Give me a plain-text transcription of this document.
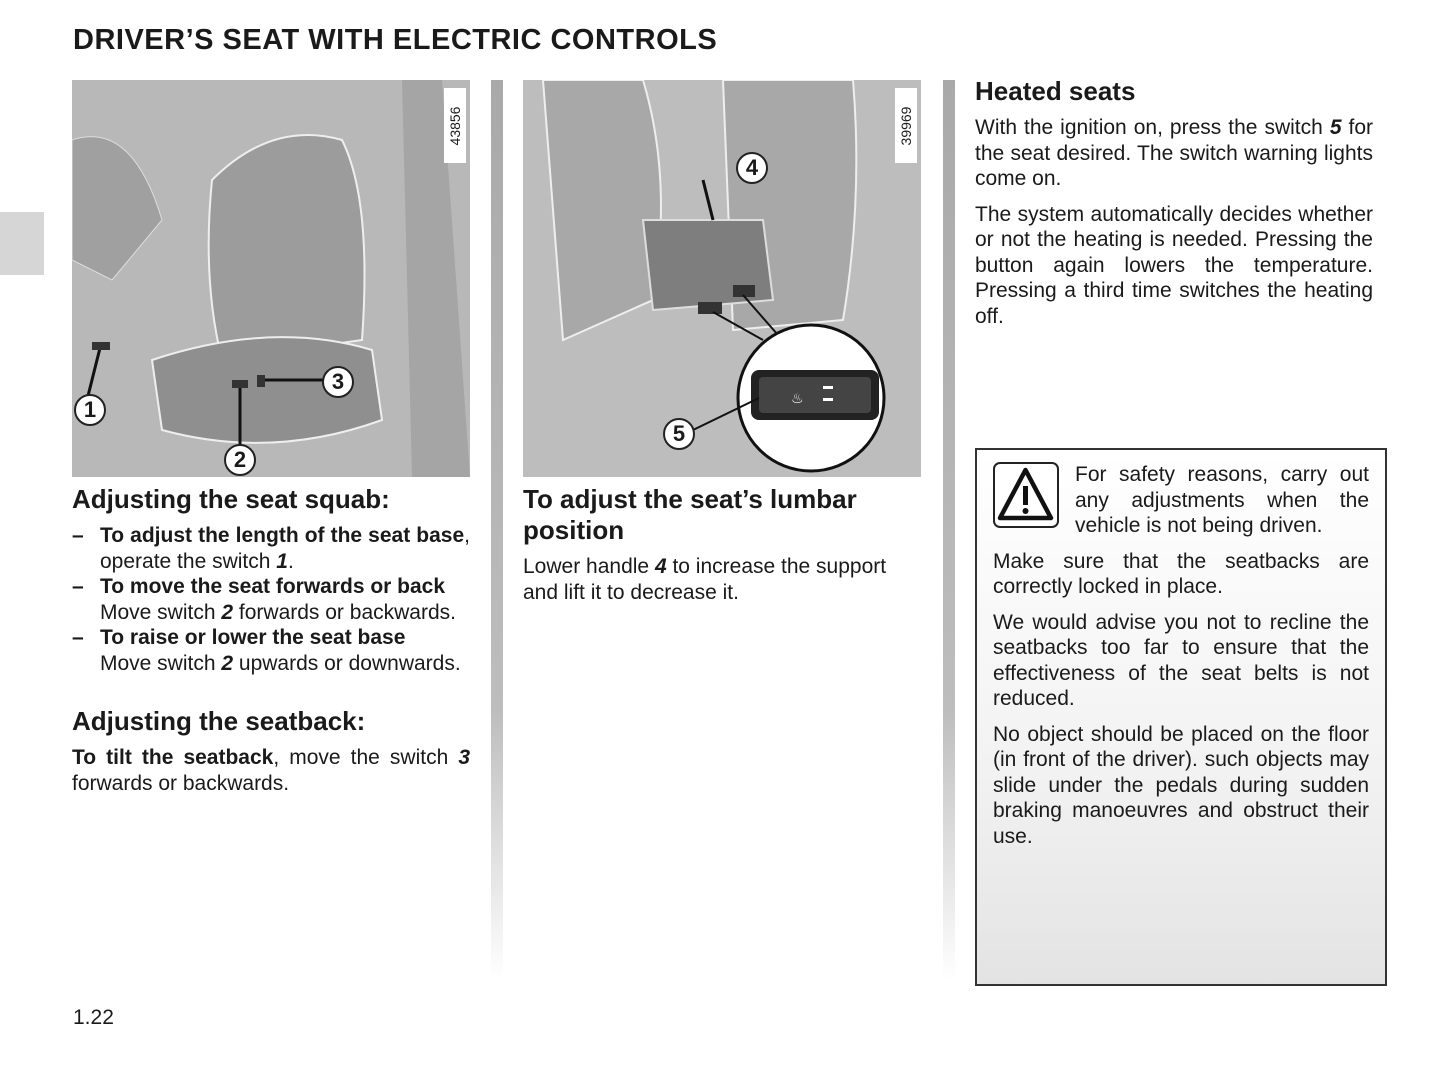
DRIVER’S SEAT WITH ELECTRIC CONTROLS
43856
1
2
3
♨
39969
4
5
Adjusting the seat squab:
– To adjust the length of the seat base, operate the switch 1.
– To move the seat forwards or back
Move switch 2 forwards or backwards.
– To raise or lower the seat base
Move switch 2 upwards or downwards.
Adjusting the seatback:

To tilt the seatback, move the switch 3 forwards or backwards.

To adjust the seat’s lumbar position

Lower handle 4 to increase the support and lift it to decrease it.

Heated seats

With the ignition on, press the switch 5 for the seat desired. The switch warning lights come on.

The system automatically decides whether or not the heating is needed. Pressing the button again lowers the temperature. Pressing a third time switches the heating off.

For safety reasons, carry out any adjustments when the vehicle is not being driven.

Make sure that the seatbacks are correctly locked in place.

We would advise you not to recline the seatbacks too far to ensure that the effectiveness of the seat belts is not reduced.

No object should be placed on the floor (in front of the driver). such objects may slide under the pedals during sudden braking manoeuvres and obstruct their use.

1.22
